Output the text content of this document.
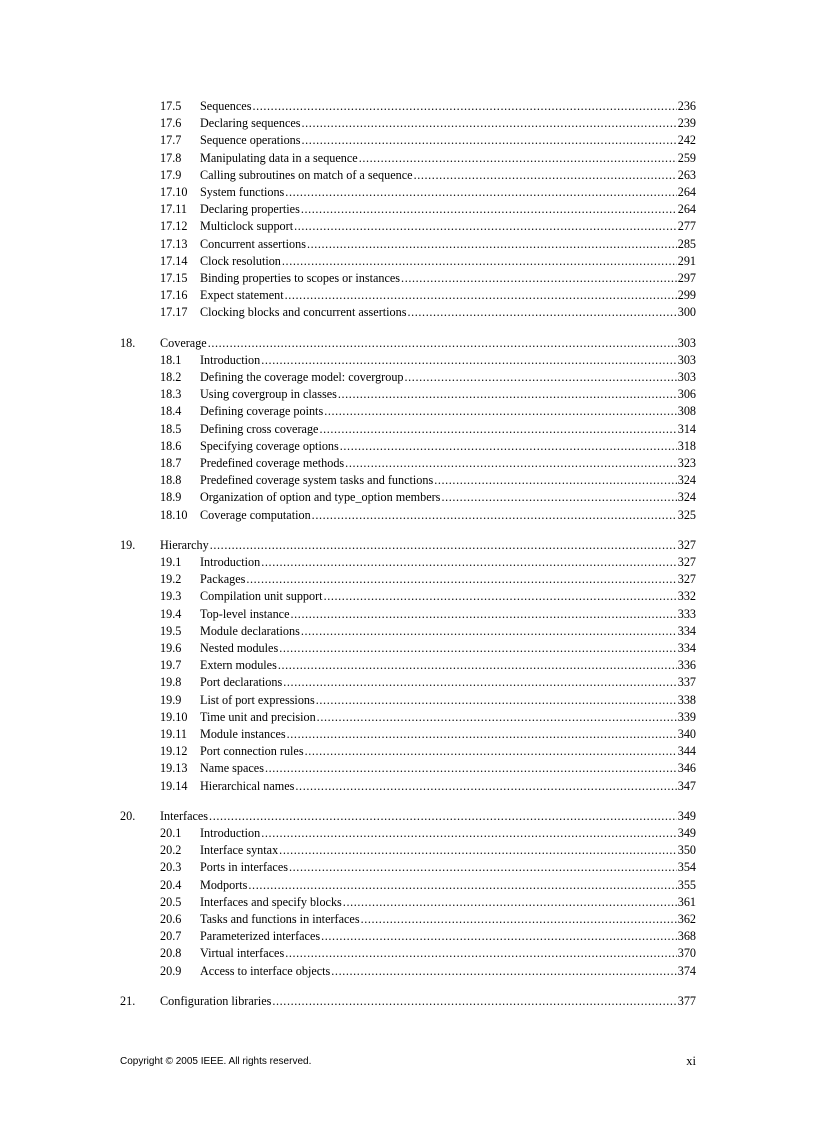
17.5 Sequences .....	236
17.6 Declaring sequences .....	239
17.7 Sequence operations .....	242
17.8 Manipulating data in a sequence .....	259
17.9 Calling subroutines on match of a sequence .....	263
17.10 System functions .....	264
17.11 Declaring properties .....	264
17.12 Multiclock support .....	277
17.13 Concurrent assertions .....	285
17.14 Clock resolution .....	291
17.15 Binding properties to scopes or instances .....	297
17.16 Expect statement .....	299
17.17 Clocking blocks and concurrent assertions .....	300
18. Coverage .....	303
18.1 Introduction .....	303
18.2 Defining the coverage model: covergroup .....	303
18.3 Using covergroup in classes .....	306
18.4 Defining coverage points .....	308
18.5 Defining cross coverage .....	314
18.6 Specifying coverage options .....	318
18.7 Predefined coverage methods .....	323
18.8 Predefined coverage system tasks and functions .....	324
18.9 Organization of option and type_option members .....	324
18.10 Coverage computation .....	325
19. Hierarchy .....	327
19.1 Introduction .....	327
19.2 Packages .....	327
19.3 Compilation unit support .....	332
19.4 Top-level instance .....	333
19.5 Module declarations .....	334
19.6 Nested modules .....	334
19.7 Extern modules .....	336
19.8 Port declarations .....	337
19.9 List of port expressions .....	338
19.10 Time unit and precision .....	339
19.11 Module instances .....	340
19.12 Port connection rules .....	344
19.13 Name spaces .....	346
19.14 Hierarchical names .....	347
20. Interfaces .....	349
20.1 Introduction .....	349
20.2 Interface syntax .....	350
20.3 Ports in interfaces .....	354
20.4 Modports .....	355
20.5 Interfaces and specify blocks .....	361
20.6 Tasks and functions in interfaces .....	362
20.7 Parameterized interfaces .....	368
20.8 Virtual interfaces .....	370
20.9 Access to interface objects .....	374
21. Configuration libraries .....	377
Copyright © 2005 IEEE. All rights reserved.	xi
